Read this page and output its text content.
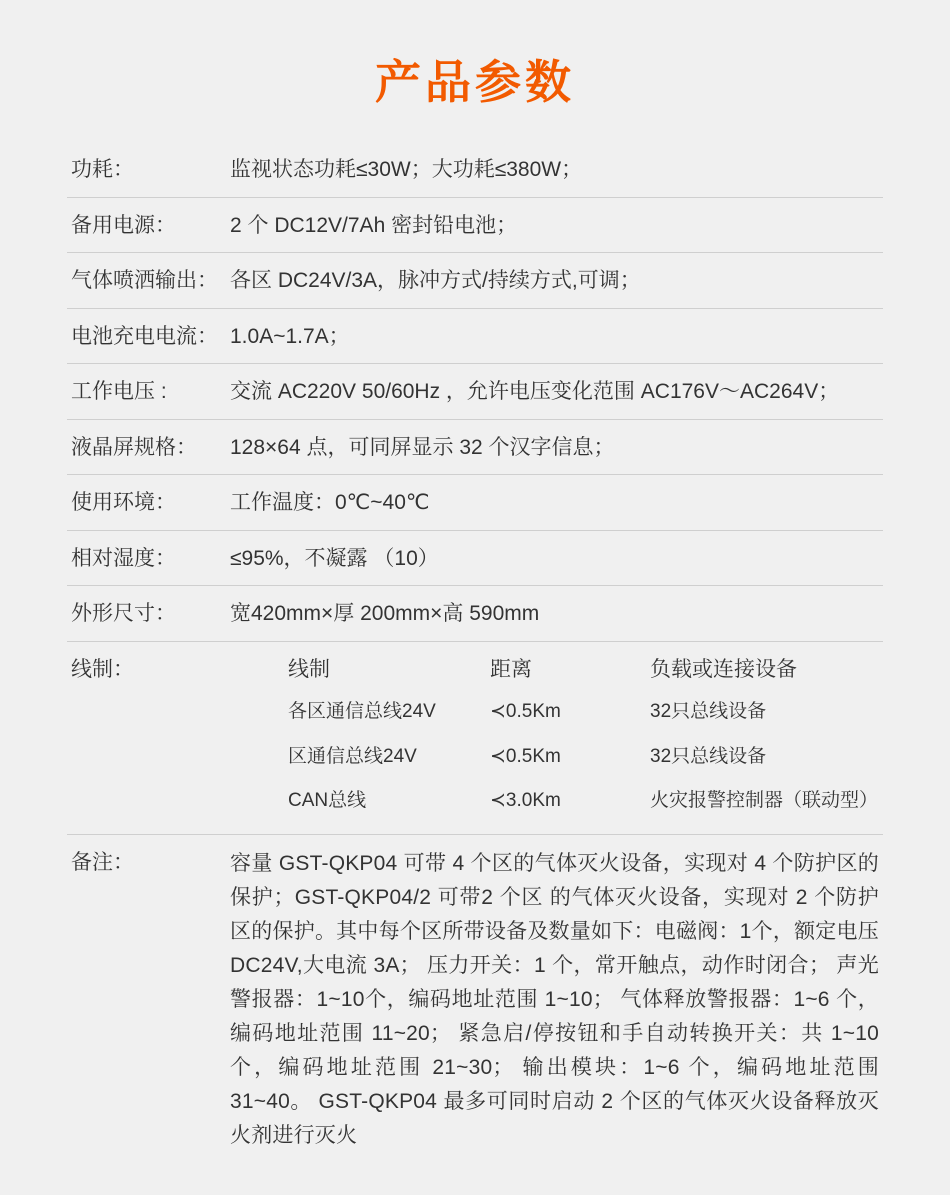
产品参数
功耗：	监视状态功耗≤30W；大功耗≤380W；
备用电源：	2 个 DC12V/7Ah 密封铅电池；
气体喷洒输出：	各区 DC24V/3A，脉冲方式/持续方式,可调；
电池充电电流：	1.0A~1.7A；
工作电压 :	交流 AC220V 50/60Hz ，允许电压变化范围 AC176V～AC264V；
液晶屏规格：	128×64 点，可同屏显示 32 个汉字信息；
使用环境：	工作温度：0℃~40℃
相对湿度：	≤95%，不凝露 （10）
外形尺寸：	宽420mm×厚 200mm×高 590mm
线制：	线制	距离	负载或连接设备
各区通信总线24V	≺0.5Km	32只总线设备
区通信总线24V	≺0.5Km	32只总线设备
CAN总线	≺3.0Km	火灾报警控制器（联动型）

备注：	容量 GST-QKP04 可带 4 个区的气体灭火设备，实现对 4 个防护区的保护；GST-QKP04/2 可带2 个区 的气体灭火设备，实现对 2 个防护区的保护。其中每个区所带设备及数量如下：电磁阀：1个，额定电压 DC24V,大电流 3A； 压力开关：1 个，常开触点，动作时闭合； 声光警报器：1~10个，编码地址范围 1~10； 气体释放警报器：1~6 个，编码地址范围 11~20； 紧急启/停按钮和手自动转换开关：共 1~10 个，编码地址范围 21~30； 输出模块：1~6 个，编码地址范围 31~40。 GST-QKP04 最多可同时启动 2 个区的气体灭火设备释放灭火剂进行灭火
